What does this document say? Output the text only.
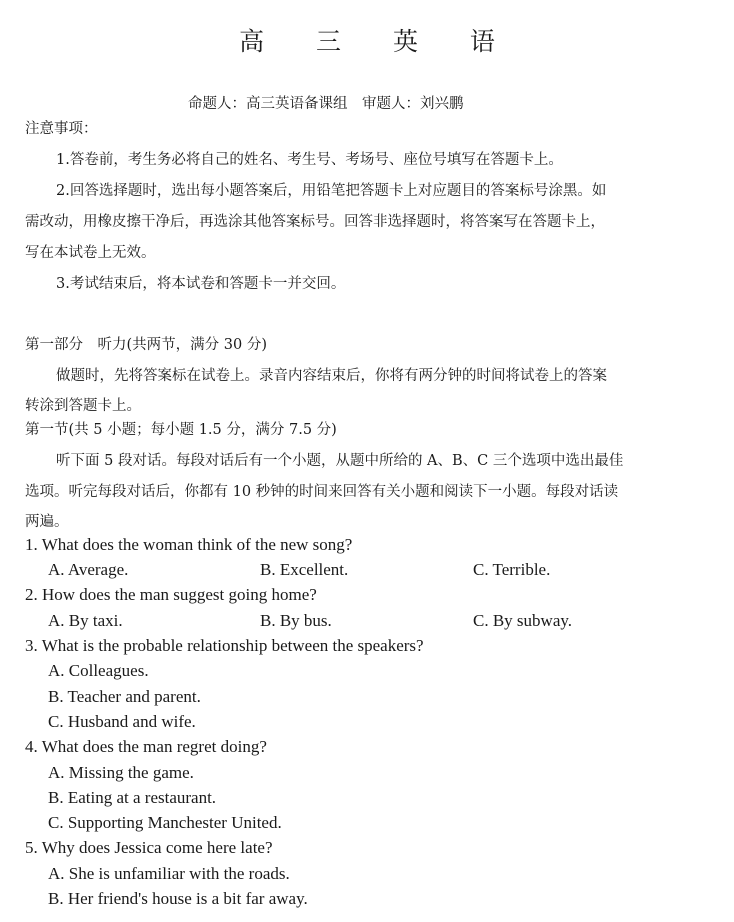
高 三 英 语
命题人：高三英语备课组　审题人：刘兴鹏
注意事项：
1.答卷前，考生务必将自己的姓名、考生号、考场号、座位号填写在答题卡上。
2.回答选择题时，选出每小题答案后，用铅笔把答题卡上对应题目的答案标号涂黑。如
需改动，用橡皮擦干净后，再选涂其他答案标号。回答非选择题时，将答案写在答题卡上，
写在本试卷上无效。
3.考试结束后，将本试卷和答题卡一并交回。
第一部分　听力(共两节，满分 30 分)
做题时，先将答案标在试卷上。录音内容结束后，你将有两分钟的时间将试卷上的答案
转涂到答题卡上。
第一节(共 5 小题；每小题 1.5 分，满分 7.5 分)
听下面 5 段对话。每段对话后有一个小题，从题中所给的 A、B、C 三个选项中选出最佳
选项。听完每段对话后，你都有 10 秒钟的时间来回答有关小题和阅读下一小题。每段对话读
两遍。
1. What does the woman think of the new song?
A. Average.	B. Excellent.	C. Terrible.
2. How does the man suggest going home?
A. By taxi.	B. By bus.	C. By subway.
3. What is the probable relationship between the speakers?
A. Colleagues.
B. Teacher and parent.
C. Husband and wife.
4. What does the man regret doing?
A. Missing the game.
B. Eating at a restaurant.
C. Supporting Manchester United.
5. Why does Jessica come here late?
A. She is unfamiliar with the roads.
B. Her friend's house is a bit far away.
